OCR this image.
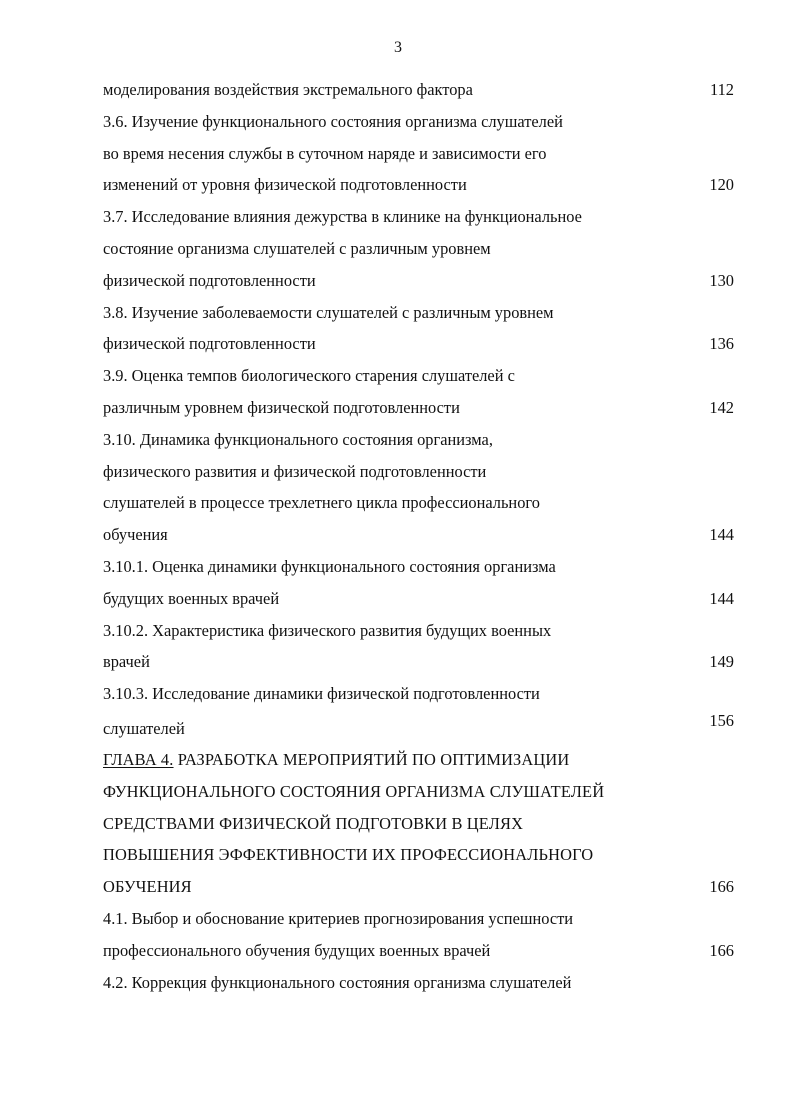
3
моделирования воздействия экстремального фактора	112
3.6. Изучение функционального состояния организма слушателей
во время несения службы в суточном наряде и зависимости его
изменений от уровня физической подготовленности	120
3.7. Исследование влияния дежурства в клинике на функциональное
состояние организма слушателей с различным уровнем
физической подготовленности	130
3.8. Изучение заболеваемости слушателей с различным уровнем
физической подготовленности	136
3.9. Оценка темпов биологического старения слушателей с
различным уровнем физической подготовленности	142
3.10. Динамика функционального состояния организма,
физического развития и физической подготовленности
слушателей в процессе трехлетнего цикла профессионального
обучения	144
3.10.1. Оценка динамики функционального состояния организма
будущих военных врачей	144
3.10.2. Характеристика физического развития будущих военных
врачей	149
3.10.3. Исследование динамики физической подготовленности
слушателей	156
ГЛАВА 4. РАЗРАБОТКА МЕРОПРИЯТИЙ ПО ОПТИМИЗАЦИИ
ФУНКЦИОНАЛЬНОГО СОСТОЯНИЯ ОРГАНИЗМА СЛУШАТЕЛЕЙ
СРЕДСТВАМИ ФИЗИЧЕСКОЙ ПОДГОТОВКИ В ЦЕЛЯХ
ПОВЫШЕНИЯ ЭФФЕКТИВНОСТИ ИХ ПРОФЕССИОНАЛЬНОГО
ОБУЧЕНИЯ	166
4.1. Выбор и обоснование критериев прогнозирования успешности
профессионального обучения будущих военных врачей	166
4.2. Коррекция функционального состояния организма слушателей
